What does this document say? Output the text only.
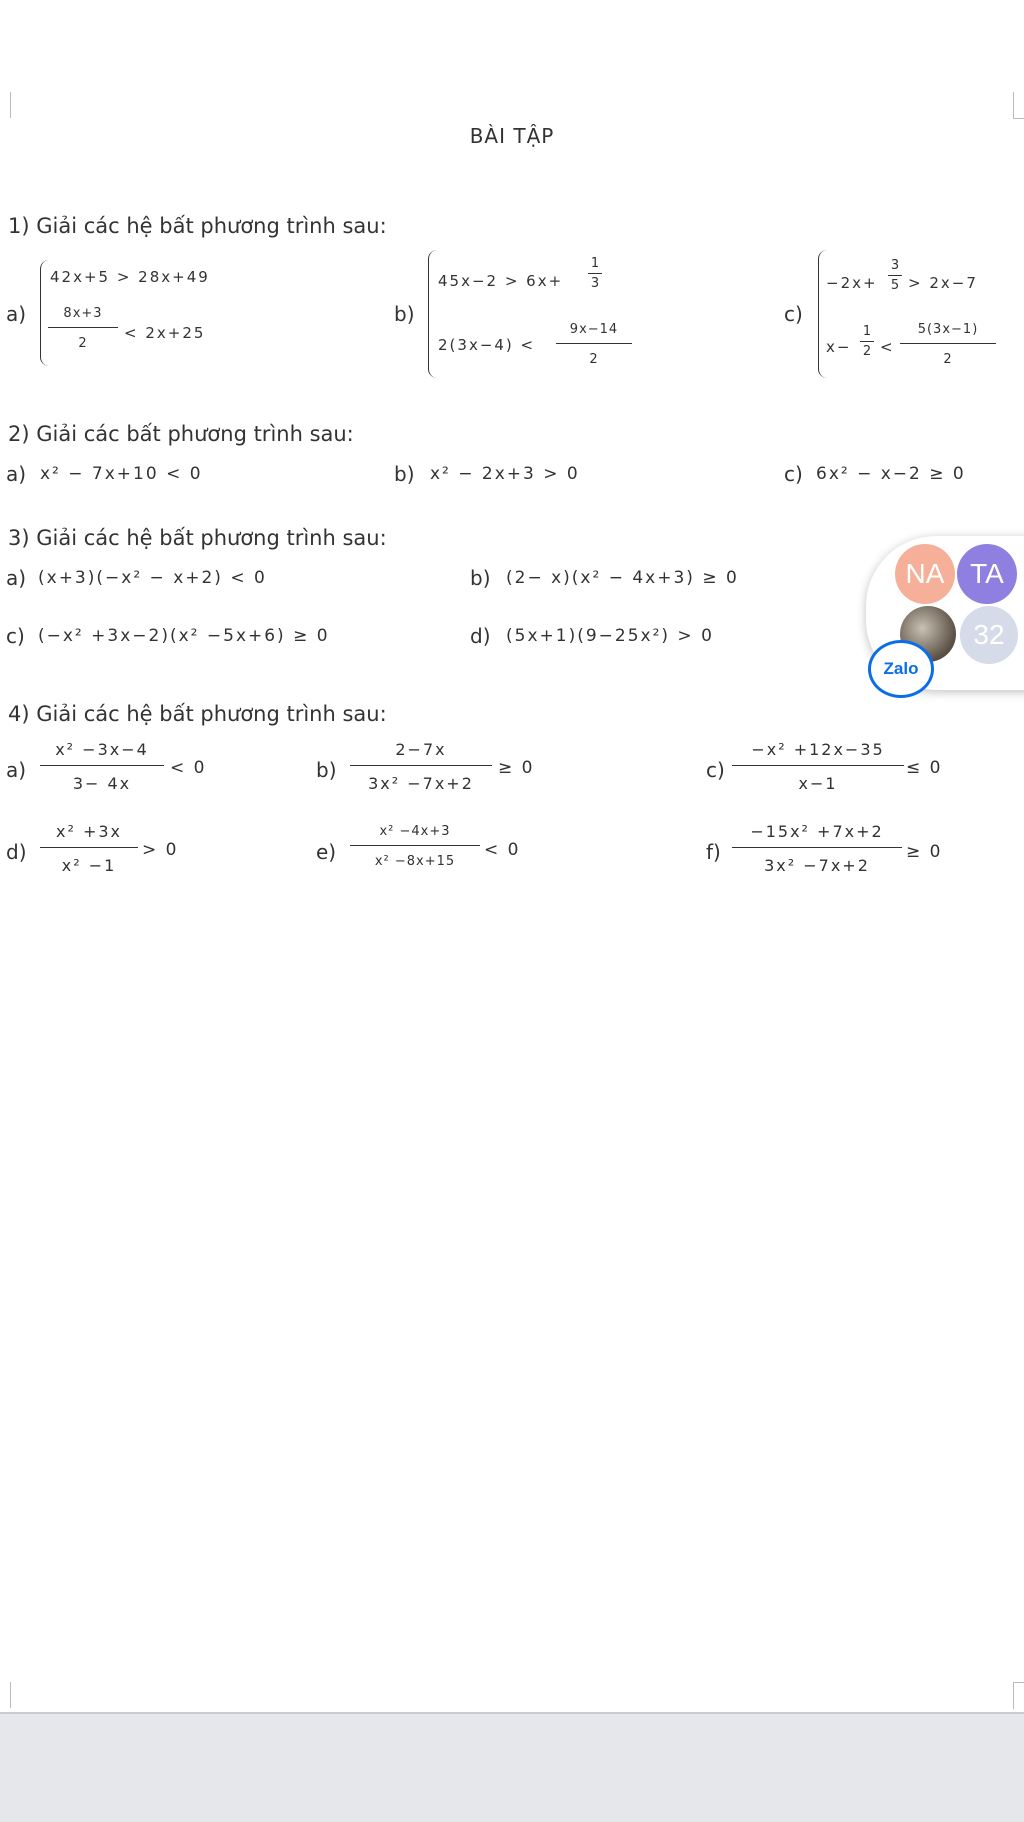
BÀI TẬP
1) Giải các hệ bất phương trình sau:
a)
42x+5 > 28x+49
$\frac{8x+3}{2} < 2x+25$
b)
$45x-2 > 6x+ \frac{1}{3}$
$2(3x-4) < \frac{9x-14}{2}$
c)
$-2x+ \frac{3}{5} > 2x-7$
$x- \frac{1}{2} < \frac{5(3x-1)}{2}$
2) Giải các bất phương trình sau:
a) x² − 7x+10 < 0	b) x² − 2x+3 > 0	c) 6x² − x−2 ≥ 0
3) Giải các hệ bất phương trình sau:
a) (x+3)(−x² − x+2) < 0	b) (2− x)(x² − 4x+3) ≥ 0
c) (−x² +3x−2)(x² −5x+6) ≥ 0	d) (5x+1)(9−25x²) > 0
4) Giải các hệ bất phương trình sau:
$a) \frac{\text{x² −3x−4}}{3- 4x} < 0$	$b) \frac{2-7x}{\text{3x² −7x+2}} \ge 0$	$c) \frac{\text{−x² +12x−35}}{x-1} \le 0$
$d) \frac{\text{x² +3x}}{\text{x² −1}} > 0$	$e) \frac{\text{x² −4x+3}}{\text{x² −8x+15}} < 0$	$f) \frac{\text{−15x² +7x+2}}{\text{3x² −7x+2}} \ge 0$
NA TA
32
Zalo
